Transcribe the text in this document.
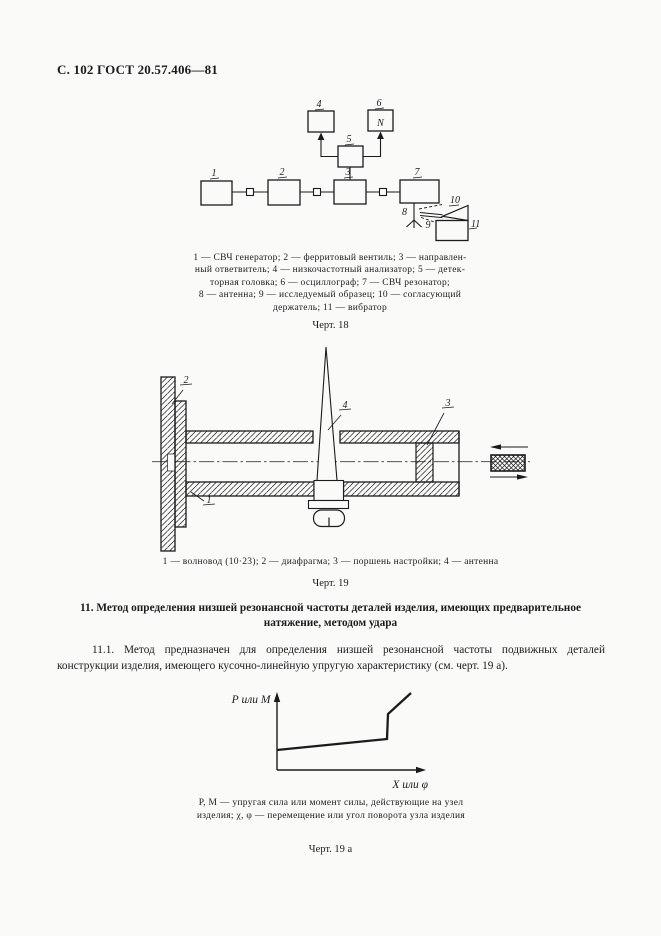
С. 102 ГОСТ 20.57.406—81
1	2	3
4
5
6
7
8
9
10
11
N
1 — СВЧ генератор; 2 — ферритовый вентиль; 3 — направлен-
ный ответвитель; 4 — низкочастотный анализатор; 5 — детек-
торная головка; 6 — осциллограф; 7 — СВЧ резонатор;
8 — антенна; 9 — исследуемый образец; 10 — согласующий
держатель; 11 — вибратор
Черт. 18
2
1
4	3
1 — волновод (10·23); 2 — диафрагма; 3 — поршень настройки; 4 — антенна
Черт. 19
11. Метод определения низшей резонансной частоты деталей изделия, имеющих предварительное натяжение, методом удара
11.1. Метод предназначен для определения низшей резонансной частоты подвижных деталей конструкции изделия, имеющего кусочно-линейную упругую характеристику (см. черт. 19 а).
Р или М
Х или φ
Р, М — упругая сила или момент силы, действующие на узел изделия; χ, φ — перемещение или угол поворота узла изделия
Черт. 19 а
